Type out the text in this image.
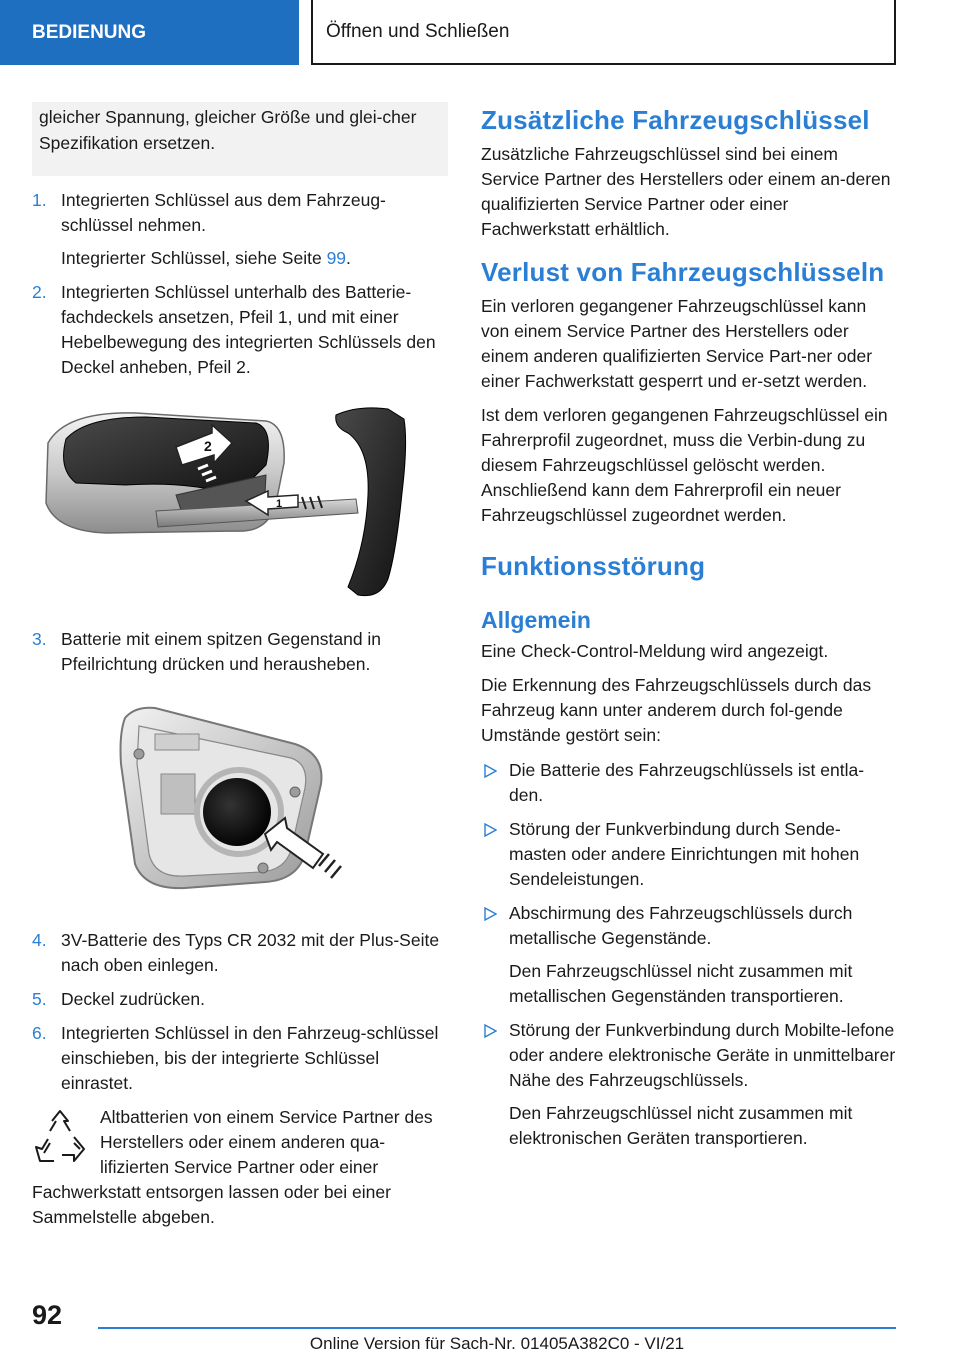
BEDIENUNG	Öffnen und Schließen
gleicher Spannung, gleicher Größe und glei-cher Spezifikation ersetzen.
1. Integrierten Schlüssel aus dem Fahrzeug-schlüssel nehmen.
Integrierter Schlüssel, siehe Seite 99.
2. Integrierten Schlüssel unterhalb des Batterie-fachdeckels ansetzen, Pfeil 1, und mit einer Hebelbewegung des integrierten Schlüssels den Deckel anheben, Pfeil 2.
2
1
3. Batterie mit einem spitzen Gegenstand in Pfeilrichtung drücken und herausheben.
4. 3V-Batterie des Typs CR 2032 mit der Plus-Seite nach oben einlegen.
5. Deckel zudrücken.
6. Integrierten Schlüssel in den Fahrzeug-schlüssel einschieben, bis der integrierte Schlüssel einrastet.
Altbatterien von einem Service Partner des Herstellers oder einem anderen qua-lifizierten Service Partner oder einer Fachwerkstatt entsorgen lassen oder bei einer Sammelstelle abgeben.
Zusätzliche Fahrzeugschlüssel
Zusätzliche Fahrzeugschlüssel sind bei einem Service Partner des Herstellers oder einem an-deren qualifizierten Service Partner oder einer Fachwerkstatt erhältlich.
Verlust von Fahrzeugschlüsseln
Ein verloren gegangener Fahrzeugschlüssel kann von einem Service Partner des Herstellers oder einem anderen qualifizierten Service Part-ner oder einer Fachwerkstatt gesperrt und er-setzt werden.
Ist dem verloren gegangenen Fahrzeugschlüssel ein Fahrerprofil zugeordnet, muss die Verbin-dung zu diesem Fahrzeugschlüssel gelöscht werden. Anschließend kann dem Fahrerprofil ein neuer Fahrzeugschlüssel zugeordnet werden.
Funktionsstörung
Allgemein
Eine Check-Control-Meldung wird angezeigt.
Die Erkennung des Fahrzeugschlüssels durch das Fahrzeug kann unter anderem durch fol-gende Umstände gestört sein:
Die Batterie des Fahrzeugschlüssels ist entla-den.
Störung der Funkverbindung durch Sende-masten oder andere Einrichtungen mit hohen Sendeleistungen.
Abschirmung des Fahrzeugschlüssels durch metallische Gegenstände.
Den Fahrzeugschlüssel nicht zusammen mit metallischen Gegenständen transportieren.
Störung der Funkverbindung durch Mobilte-lefone oder andere elektronische Geräte in unmittelbarer Nähe des Fahrzeugschlüssels.
Den Fahrzeugschlüssel nicht zusammen mit elektronischen Geräten transportieren.
92
Online Version für Sach-Nr. 01405A382C0 - VI/21
